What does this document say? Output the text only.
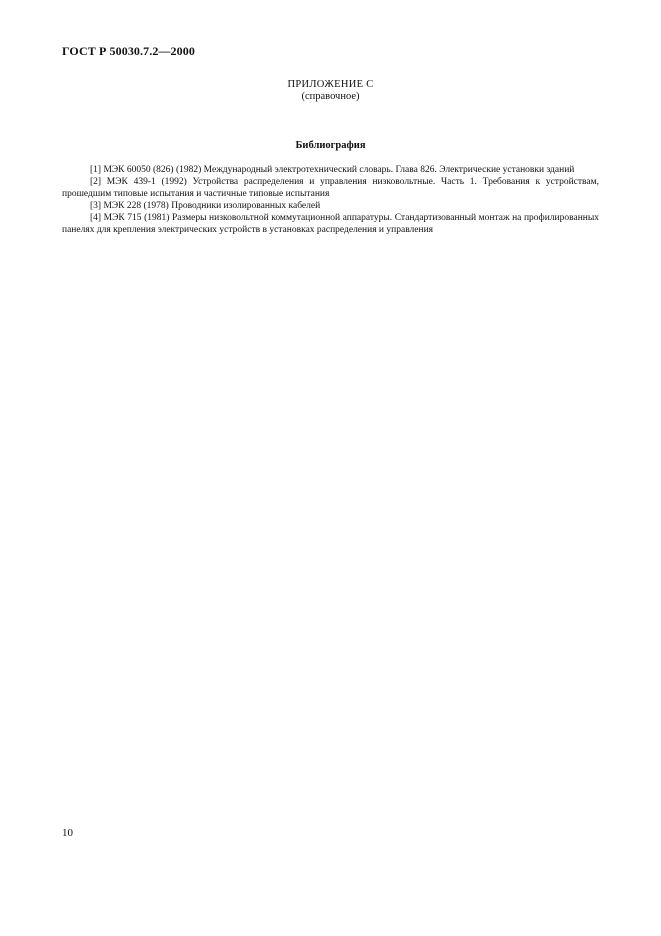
ГОСТ Р 50030.7.2—2000
ПРИЛОЖЕНИЕ С
(справочное)
Библиография

[1] МЭК 60050 (826) (1982) Международный электротехнический словарь. Глава 826. Электрические установки зданий

[2] МЭК 439-1 (1992) Устройства распределения и управления низковольтные. Часть 1. Требования к устройствам, прошедшим типовые испытания и частичные типовые испытания

[3] МЭК 228 (1978) Проводники изолированных кабелей

[4] МЭК 715 (1981) Размеры низковольтной коммутационной аппаратуры. Стандартизованный монтаж на профилированных панелях для крепления электрических устройств в установках распределения и управления

10
